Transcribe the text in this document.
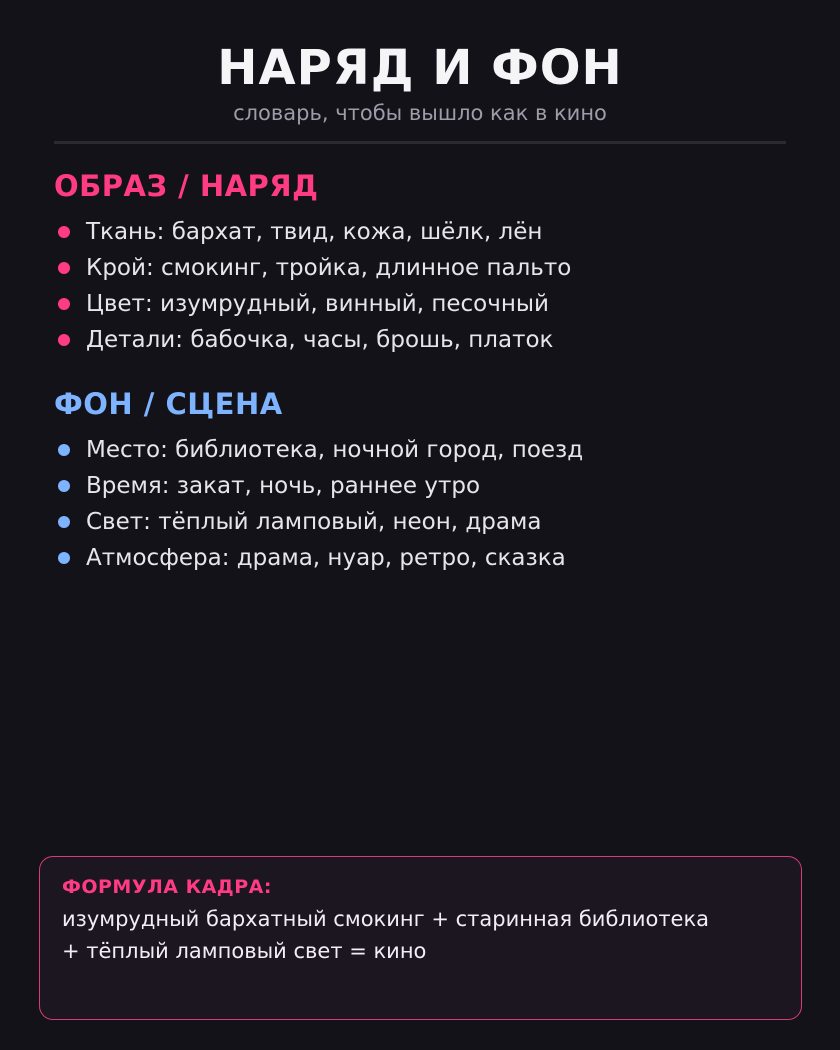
НАРЯД И ФОН
словарь, чтобы вышло как в кино
ОБРАЗ / НАРЯД
Ткань: бархат, твид, кожа, шёлк, лён
Крой: смокинг, тройка, длинное пальто
Цвет: изумрудный, винный, песочный
Детали: бабочка, часы, брошь, платок
ФОН / СЦЕНА
Место: библиотека, ночной город, поезд
Время: закат, ночь, раннее утро
Свет: тёплый ламповый, неон, драма
Атмосфера: драма, нуар, ретро, сказка
ФОРМУЛА КАДРА:
изумрудный бархатный смокинг + старинная библиотека
+ тёплый ламповый свет = кино
